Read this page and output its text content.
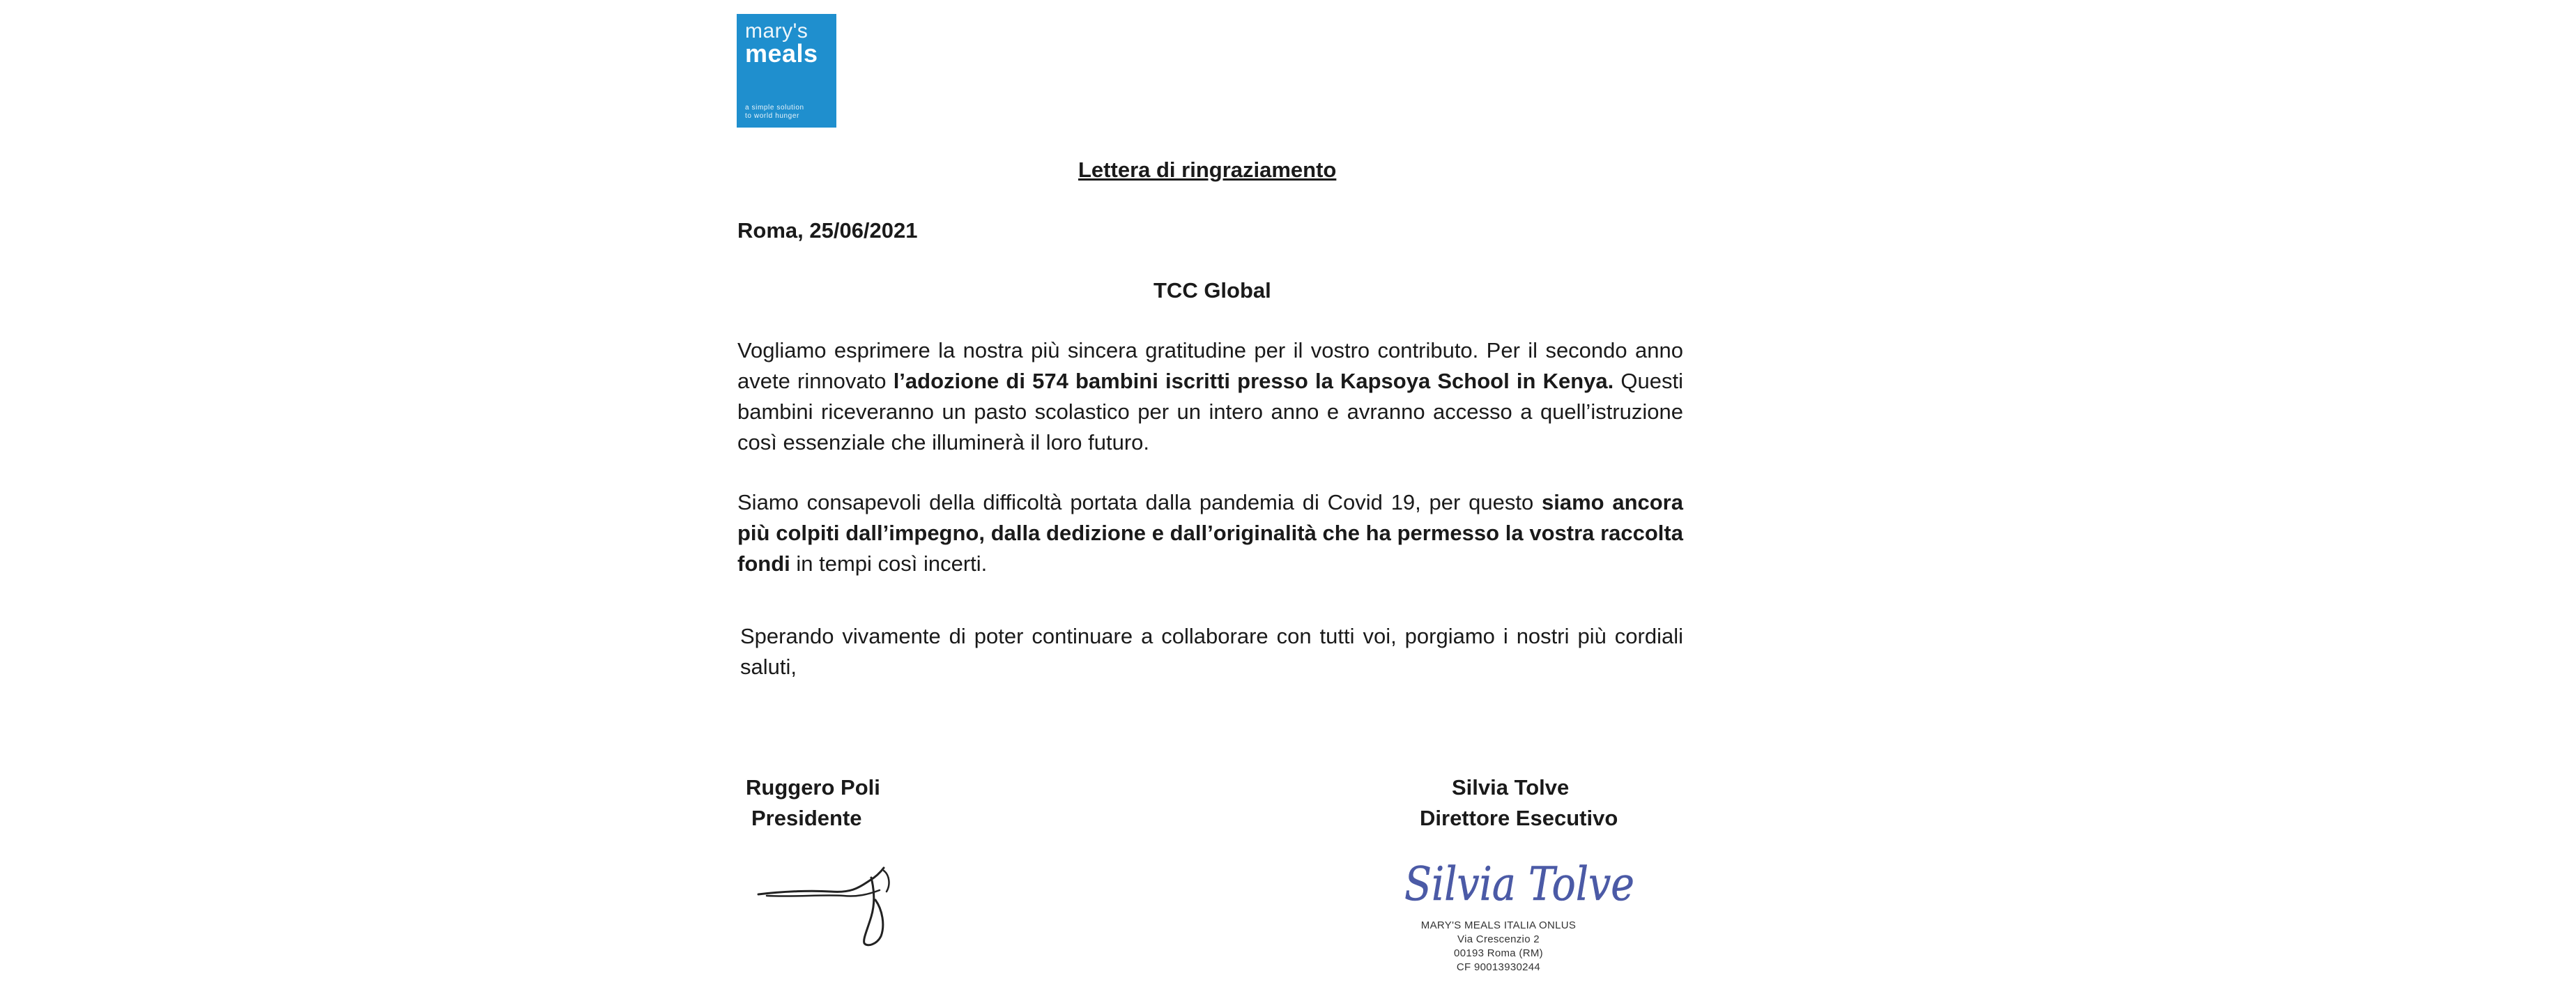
mary's
meals
a simple solution
to world hunger
Lettera di ringraziamento
Roma, 25/06/2021
TCC Global
Vogliamo esprimere la nostra più sincera gratitudine per il vostro contributo. Per il secondo anno avete rinnovato l’adozione di 574 bambini iscritti presso la Kapsoya School in Kenya. Questi bambini riceveranno un pasto scolastico per un intero anno e avranno accesso a quell’istruzione così essenziale che illuminerà il loro futuro.
Siamo consapevoli della difficoltà portata dalla pandemia di Covid 19, per questo siamo ancora più colpiti dall’impegno, dalla dedizione e dall’originalità che ha permesso la vostra raccolta fondi in tempi così incerti.
Sperando vivamente di poter continuare a collaborare con tutti voi, porgiamo i nostri più cordiali saluti,
Ruggero Poli
Presidente
Silvia Tolve
Direttore Esecutivo
Silvia Tolve
MARY'S MEALS ITALIA ONLUS
Via Crescenzio 2
00193 Roma (RM)
CF 90013930244
